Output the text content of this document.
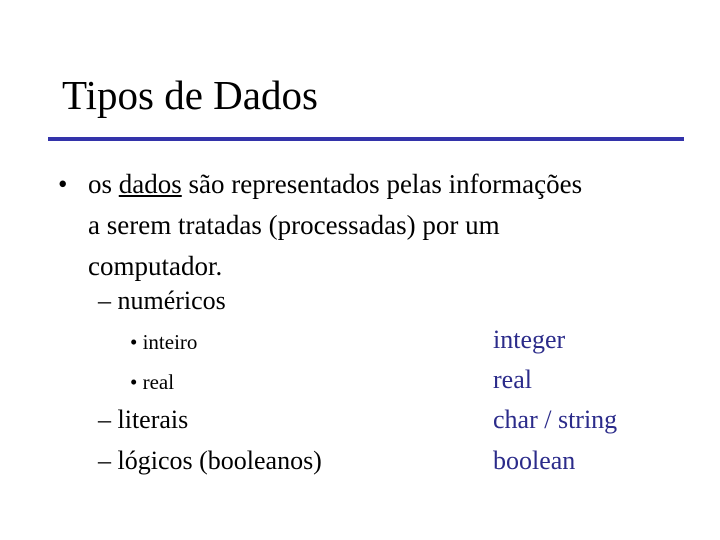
Tipos de Dados
• os dados são representados pelas informações
a serem tratadas (processadas) por um
computador.
– numéricos
• inteiro
• real
– literais
– lógicos (booleanos)
integer
real
char / string
boolean
